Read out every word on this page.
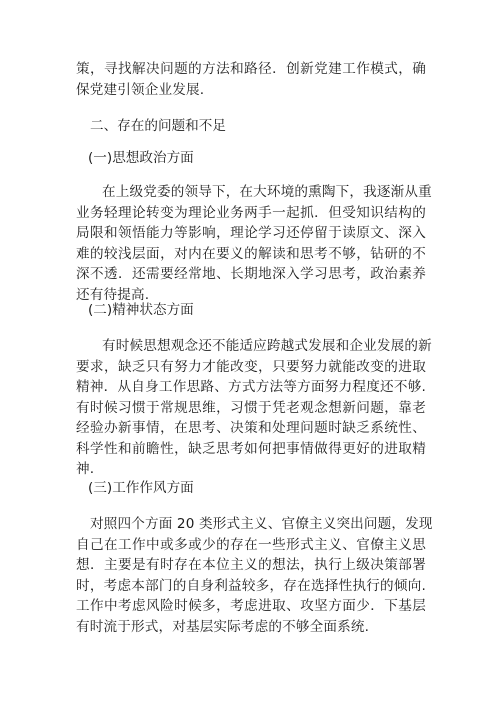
策，寻找解决问题的方法和路径．创新党建工作模式，确
保党建引领企业发展.
二、存在的问题和不足
(一)思想政治方面
在上级党委的领导下，在大环境的熏陶下，我逐渐从重
业务轻理论转变为理论业务两手一起抓．但受知识结构的
局限和领悟能力等影响，理论学习还停留于读原文、深入
难的较浅层面，对内在要义的解读和思考不够，钻研的不
深不透．还需要经常地、长期地深入学习思考，政治素养
还有待提高.
(二)精神状态方面
有时候思想观念还不能适应跨越式发展和企业发展的新
要求，缺乏只有努力才能改变，只要努力就能改变的进取
精神．从自身工作思路、方式方法等方面努力程度还不够.
有时候习惯于常规思维，习惯于凭老观念想新问题，靠老
经验办新事情，在思考、决策和处理问题时缺乏系统性、
科学性和前瞻性，缺乏思考如何把事情做得更好的进取精
神.
(三)工作作风方面
对照四个方面 20 类形式主义、官僚主义突出问题，发现
自己在工作中或多或少的存在一些形式主义、官僚主义思
想．主要是有时存在本位主义的想法，执行上级决策部署
时，考虑本部门的自身利益较多，存在选择性执行的倾向.
工作中考虑风险时候多，考虑进取、攻坚方面少．下基层
有时流于形式，对基层实际考虑的不够全面系统.
